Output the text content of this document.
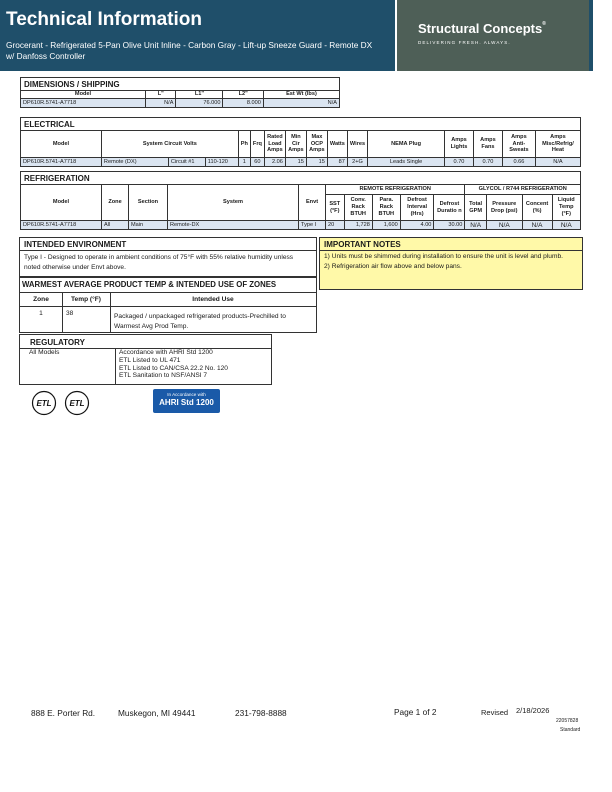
Technical Information
Grocerant - Refrigerated 5-Pan Olive Unit Inline - Carbon Gray - Lift-up Sneeze Guard - Remote DX w/ Danfoss Controller
Structural Concepts®
DELIVERING FRESH. ALWAYS.
DIMENSIONS / SHIPPING				
Model	L"	L1"	L2"	Est Wt (lbs)
DP610R.5741-A7718	N/A	76.000	8.000	N/A
ELECTRICAL															
Model	System Circuit Volts			Ph	Frq	Rated Load Amps	Min Cir Amps	Max OCP Amps	Watts	Wires	NEMA Plug	Amps Lights	Amps Fans	Amps Anti-Sweats	Amps Misc/Refrig/ Heat
DP610R.5741-A7718	Remote (DX)	Circuit #1	110-120	1	60	2.06	15	15	87	2+G	Leads Single	0.70	0.70	0.66	N/A
REFRIGERATION													
Model	Zone	Section	System	Envt	REMOTE REFRIGERATION					GLYCOL / R744 REFRIGERATION			
					SST (°F)	Conv. Rack BTUH	Para. Rack BTUH	Defrost Interval (Hrs)	Defrost Duratio n	Total GPM	Pressure Drop (psi)	Concent (%)	Liquid Temp (°F)
DP610R.5741-A7718	All	Main	Remote-DX	Type I	20	1,728	1,600	4.00	30.00	N/A	N/A	N/A	N/A
INTENDED ENVIRONMENT
Type I - Designed to operate in ambient conditions of 75°F with 55% relative humidity unless noted otherwise under Envt above.
IMPORTANT NOTES
1) Units must be shimmed during installation to ensure the unit is level and plumb.
2) Refrigeration air flow above and below pans.
WARMEST AVERAGE PRODUCT TEMP & INTENDED USE OF ZONES
Zone	Temp (°F)	Intended Use
1	38	Packaged / unpackaged refrigerated products-Prechilled to Warmest Avg Prod Temp.
REGULATORY
All Models	Accordance with AHRI Std 1200
ETL Listed to UL 471
ETL Listed to CAN/CSA 22.2 No. 120
ETL Sanitation to NSF/ANSI 7
ETL ETL
In Accordance with
AHRI Std 1200
888 E. Porter Rd.	Muskegon, MI 49441	231-798-8888	Page 1 of 2	Revised 2/18/2026
22057828
Standard
